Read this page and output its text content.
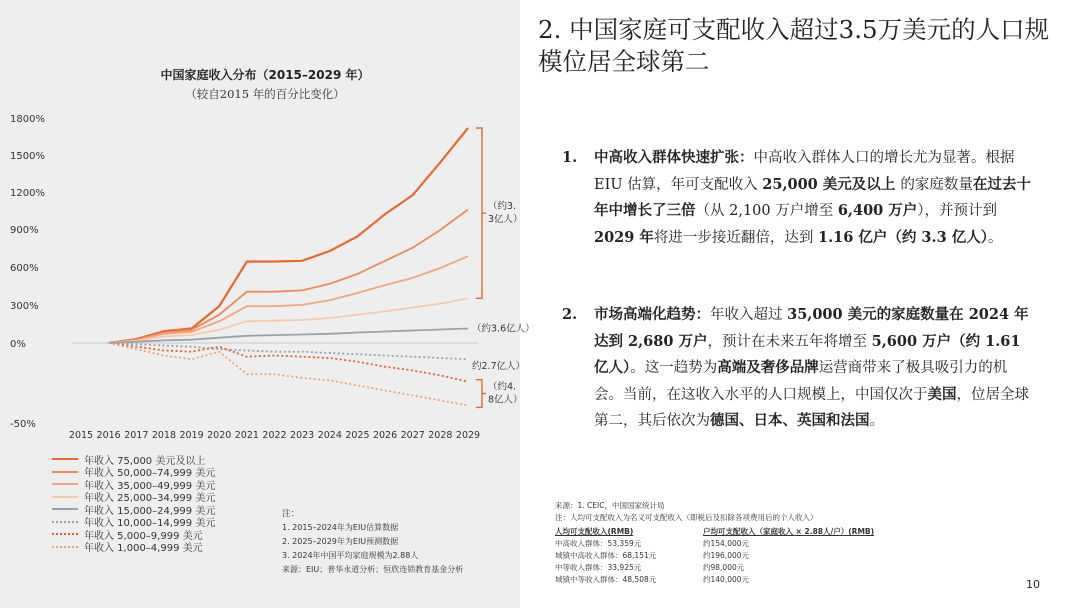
中国家庭收入分布（2015–2029 年）
（较自2015 年的百分比变化）
1800%
1500%
1200%
900%
600%
300%
0%
-50%
2015 2016 2017 2018 2019 2020 2021 2022 2023 2024 2025 2026 2027 2028 2029
（约3. 3亿人）
（约3.6亿人）
约2.7亿人）
（约4. 8亿人）
年收入 75,000 美元及以上
年收入 50,000–74,999 美元
年收入 35,000–49,999 美元
年收入 25,000–34,999 美元
年收入 15,000–24,999 美元
年收入 10,000–14,999 美元
年收入 5,000–9,999 美元
年收入 1,000–4,999 美元
注：
1. 2015–2024年为EIU估算数据
2. 2025–2029年为EIU预测数据
3. 2024年中国平均家庭规模为2.88人
来源：EIU；普华永道分析；恒欣连锁教育基金分析
2. 中国家庭可支配收入超过3.5万美元的人口规模位居全球第二
1. 中高收入群体快速扩张：中高收入群体人口的增长尤为显著。根据 EIU 估算，年可支配收入 25,000 美元及以上 的家庭数量在过去十年中增长了三倍（从 2,100 万户增至 6,400 万户），并预计到 2029 年将进一步接近翻倍，达到 1.16 亿户（约 3.3 亿人）。
2. 市场高端化趋势：年收入超过 35,000 美元的家庭数量在 2024 年 达到 2,680 万户，预计在未来五年将增至 5,600 万户（约 1.61 亿人）。这一趋势为高端及奢侈品牌运营商带来了极具吸引力的机会。当前，在这收入水平的人口规模上，中国仅次于美国，位居全球第二，其后依次为德国、日本、英国和法国。
来源：1. CEIC，中国国家统计局
注：人均可支配收入为名义可支配收入（即税后及扣除各项费用后的个人收入）
人均可支配收入(RMB)	户均可支配收入（家庭收入 × 2.88人/户）(RMB)
中高收入群体：53,359元	约154,000元
城镇中高收入群体：68,151元	约196,000元
中等收入群体：33,925元	约98,000元
城镇中等收入群体：48,508元	约140,000元	10
